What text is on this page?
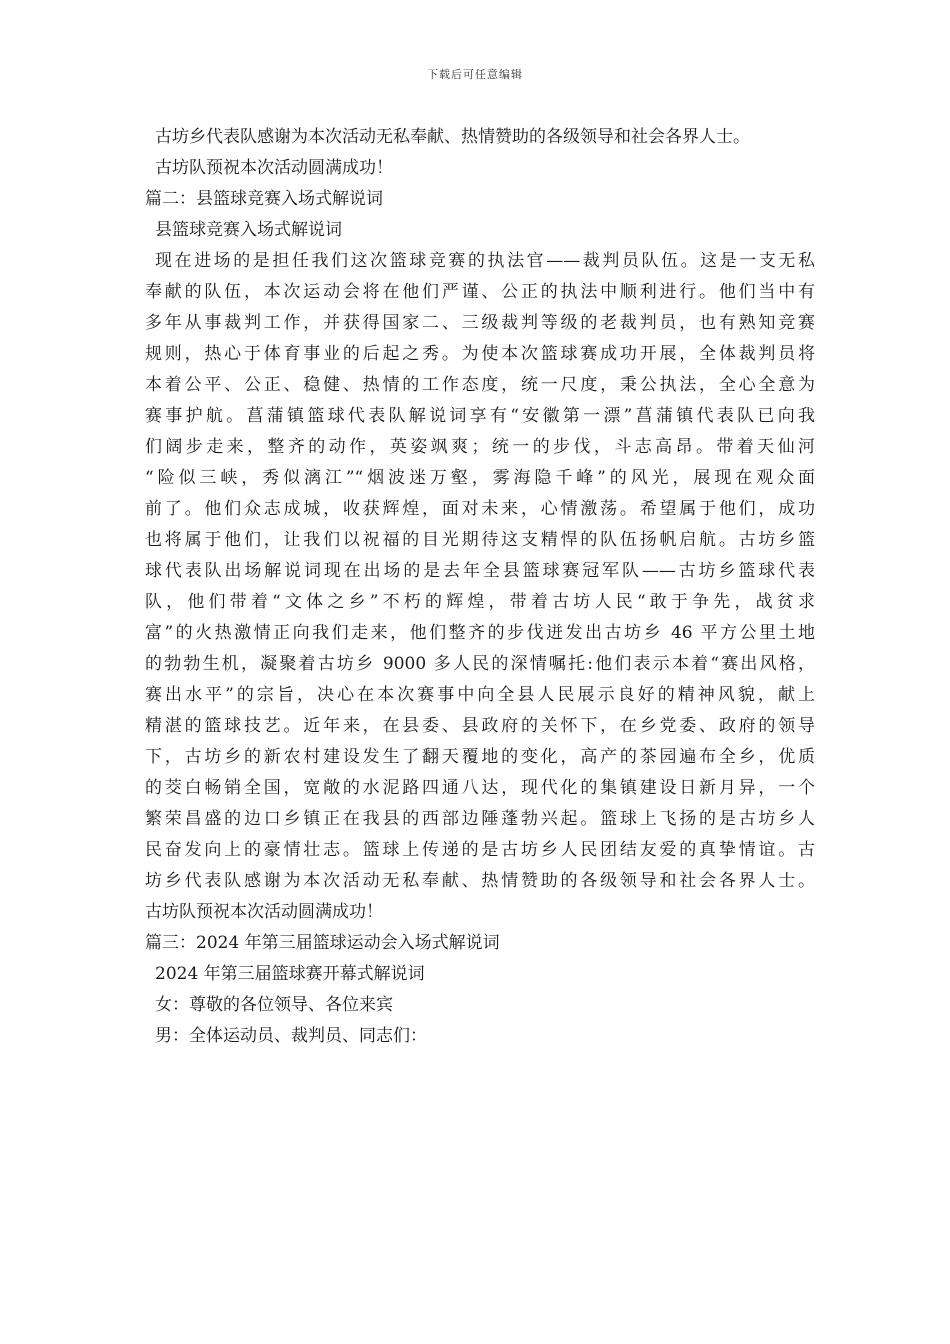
下载后可任意编辑
古坊乡代表队感谢为本次活动无私奉献、热情赞助的各级领导和社会各界人士。
古坊队预祝本次活动圆满成功！
篇二：县篮球竞赛入场式解说词
县篮球竞赛入场式解说词
现在进场的是担任我们这次篮球竞赛的执法官——裁判员队伍。这是一支无私
奉献的队伍，本次运动会将在他们严谨、公正的执法中顺利进行。他们当中有
多年从事裁判工作，并获得国家二、三级裁判等级的老裁判员，也有熟知竞赛
规则，热心于体育事业的后起之秀。为使本次篮球赛成功开展，全体裁判员将
本着公平、公正、稳健、热情的工作态度，统一尺度，秉公执法，全心全意为
赛事护航。菖蒲镇篮球代表队解说词享有“安徽第一漂”菖蒲镇代表队已向我
们阔步走来，整齐的动作，英姿飒爽；统一的步伐，斗志高昂。带着天仙河
“险似三峡，秀似漓江”“烟波迷万壑，雾海隐千峰”的风光，展现在观众面
前了。他们众志成城，收获辉煌，面对未来，心情激荡。希望属于他们，成功
也将属于他们，让我们以祝福的目光期待这支精悍的队伍扬帆启航。古坊乡篮
球代表队出场解说词现在出场的是去年全县篮球赛冠军队——古坊乡篮球代表
队，他们带着“文体之乡”不朽的辉煌，带着古坊人民“敢于争先，战贫求
富”的火热激情正向我们走来，他们整齐的步伐迸发出古坊乡 46 平方公里土地
的勃勃生机，凝聚着古坊乡 9000 多人民的深情嘱托:他们表示本着“赛出风格，
赛出水平”的宗旨，决心在本次赛事中向全县人民展示良好的精神风貌，献上
精湛的篮球技艺。近年来，在县委、县政府的关怀下，在乡党委、政府的领导
下，古坊乡的新农村建设发生了翻天覆地的变化，高产的茶园遍布全乡，优质
的茭白畅销全国，宽敞的水泥路四通八达，现代化的集镇建设日新月异，一个
繁荣昌盛的边口乡镇正在我县的西部边陲蓬勃兴起。篮球上飞扬的是古坊乡人
民奋发向上的豪情壮志。篮球上传递的是古坊乡人民团结友爱的真挚情谊。古
坊乡代表队感谢为本次活动无私奉献、热情赞助的各级领导和社会各界人士。
古坊队预祝本次活动圆满成功！
篇三：2024 年第三届篮球运动会入场式解说词
2024 年第三届篮球赛开幕式解说词
女：尊敬的各位领导、各位来宾
男：全体运动员、裁判员、同志们：
